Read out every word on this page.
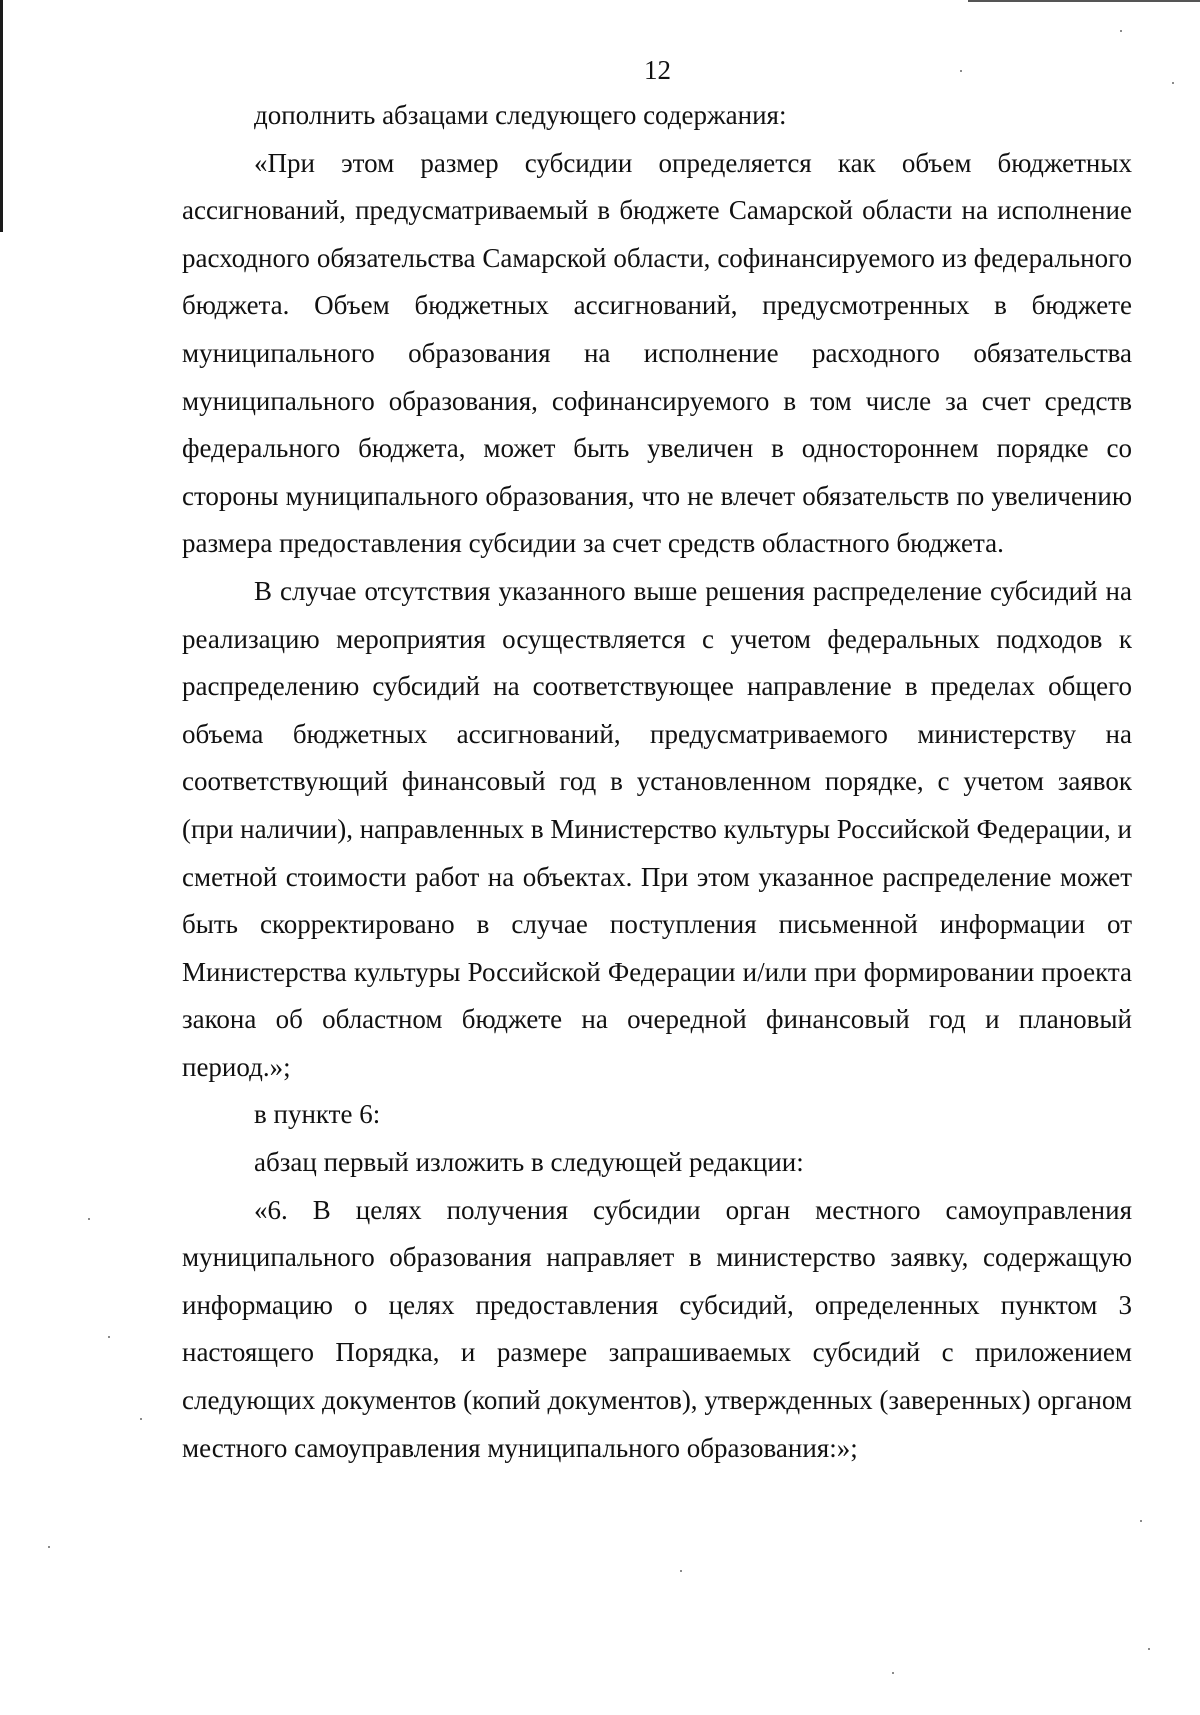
12

дополнить абзацами следующего содержания:

«При этом размер субсидии определяется как объем бюджетных ассигнований, предусматриваемый в бюджете Самарской области на исполнение расходного обязательства Самарской области, софинансируемого из федерального бюджета. Объем бюджетных ассигнований, предусмотренных в бюджете муниципального образования на исполнение расходного обязательства муниципального образования, софинансируемого в том числе за счет средств федерального бюджета, может быть увеличен в одностороннем порядке со стороны муниципального образования, что не влечет обязательств по увеличению размера предоставления субсидии за счет средств областного бюджета.

В случае отсутствия указанного выше решения распределение субсидий на реализацию мероприятия осуществляется с учетом федеральных подходов к распределению субсидий на соответствующее направление в пределах общего объема бюджетных ассигнований, предусматриваемого министерству на соответствующий финансовый год в установленном порядке, с учетом заявок (при наличии), направленных в Министерство культуры Российской Федерации, и сметной стоимости работ на объектах. При этом указанное распределение может быть скорректировано в случае поступления письменной информации от Министерства культуры Российской Федерации и/или при формировании проекта закона об областном бюджете на очередной финансовый год и плановый период.»;

в пункте 6:

абзац первый изложить в следующей редакции:

«6. В целях получения субсидии орган местного самоуправления муниципального образования направляет в министерство заявку, содержащую информацию о целях предоставления субсидий, определенных пунктом 3 настоящего Порядка, и размере запрашиваемых субсидий с приложением следующих документов (копий документов), утвержденных (заверенных) органом местного самоуправления муниципального образования:»;
